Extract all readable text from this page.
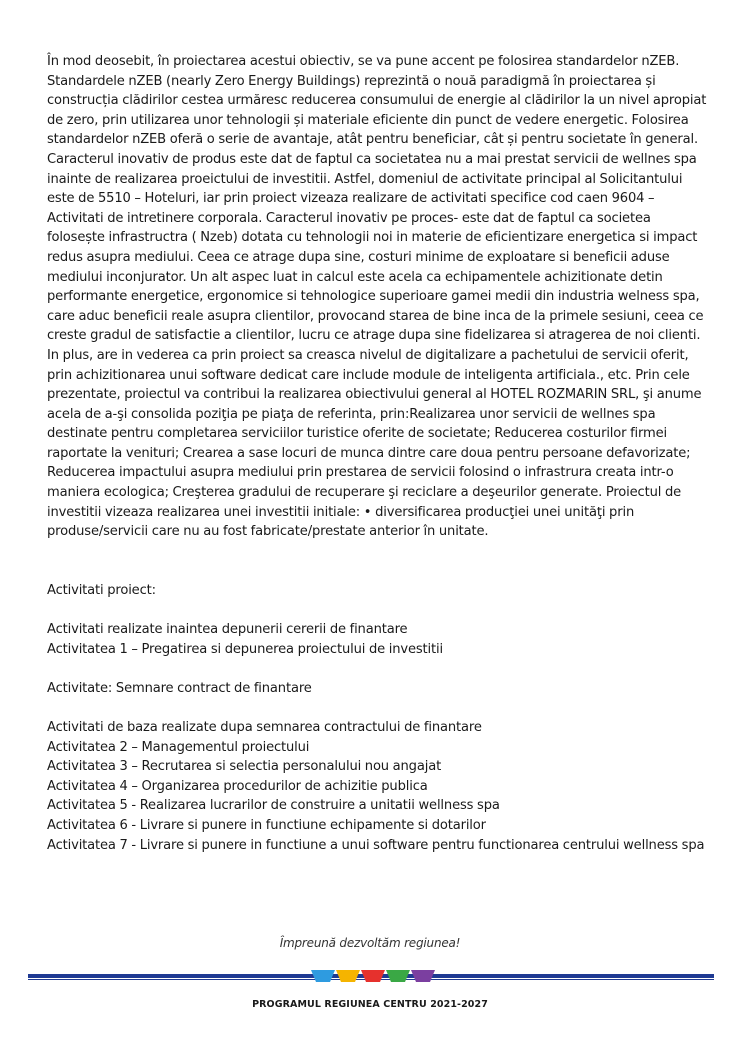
În mod deosebit, în proiectarea acestui obiectiv, se va pune accent pe folosirea standardelor nZEB. Standardele nZEB (nearly Zero Energy Buildings) reprezintă o nouă paradigmă în proiectarea și construcția clădirilor cestea urmăresc reducerea consumului de energie al clădirilor la un nivel apropiat de zero, prin utilizarea unor tehnologii și materiale eficiente din punct de vedere energetic. Folosirea standardelor nZEB oferă o serie de avantaje, atât pentru beneficiar, cât și pentru societate în general. Caracterul inovativ de produs este dat de faptul ca societatea nu a mai prestat servicii de wellnes spa inainte de realizarea proeictului de investitii. Astfel, domeniul de activitate principal al Solicitantului este de 5510 – Hoteluri, iar prin proiect vizeaza realizare de activitati specifice cod caen 9604 – Activitati de intretinere corporala. Caracterul inovativ pe proces- este dat de faptul ca societea folosește infrastructra ( Nzeb) dotata cu tehnologii noi in materie de eficientizare energetica si impact redus asupra mediului. Ceea ce atrage dupa sine, costuri minime de exploatare si beneficii aduse mediului inconjurator. Un alt aspec luat in calcul este acela ca echipamentele achizitionate detin performante energetice, ergonomice si tehnologice superioare gamei medii din industria welness spa, care aduc beneficii reale asupra clientilor, provocand starea de bine inca de la primele sesiuni, ceea ce creste gradul de satisfactie a clientilor, lucru ce atrage dupa sine fidelizarea si atragerea de noi clienti. In plus, are in vederea ca prin proiect sa creasca nivelul de digitalizare a pachetului de servicii oferit, prin achizitionarea unui software dedicat care include module de inteligenta artificiala., etc. Prin cele prezentate, proiectul va contribui la realizarea obiectivului general al HOTEL ROZMARIN SRL, şi anume acela de a-şi consolida poziţia pe piaţa de referinta, prin:Realizarea unor servicii de wellnes spa destinate pentru completarea serviciilor turistice oferite de societate; Reducerea costurilor firmei raportate la venituri; Crearea a sase locuri de munca dintre care doua pentru persoane defavorizate; Reducerea impactului asupra mediului prin prestarea de servicii folosind o infrastrura creata intr-o maniera ecologica; Creşterea gradului de recuperare şi reciclare a deşeurilor generate. Proiectul de investitii vizeaza realizarea unei investitii initiale: • diversificarea producţiei unei unităţi prin produse/servicii care nu au fost fabricate/prestate anterior în unitate.

Activitati proiect:

Activitati realizate inaintea depunerii cererii de finantare

Activitatea 1 – Pregatirea si depunerea proiectului de investitii

Activitate: Semnare contract de finantare

Activitati de baza realizate dupa semnarea contractului de finantare

Activitatea 2 – Managementul proiectului

Activitatea 3 – Recrutarea si selectia personalului nou angajat

Activitatea 4 – Organizarea procedurilor de achizitie publica

Activitatea 5 - Realizarea lucrarilor de construire a unitatii wellness spa

Activitatea 6 - Livrare si punere in functiune echipamente si dotarilor

Activitatea 7 - Livrare si punere in functiune a unui software pentru functionarea centrului wellness spa

Împreună dezvoltăm regiunea!
PROGRAMUL REGIUNEA CENTRU 2021-2027
